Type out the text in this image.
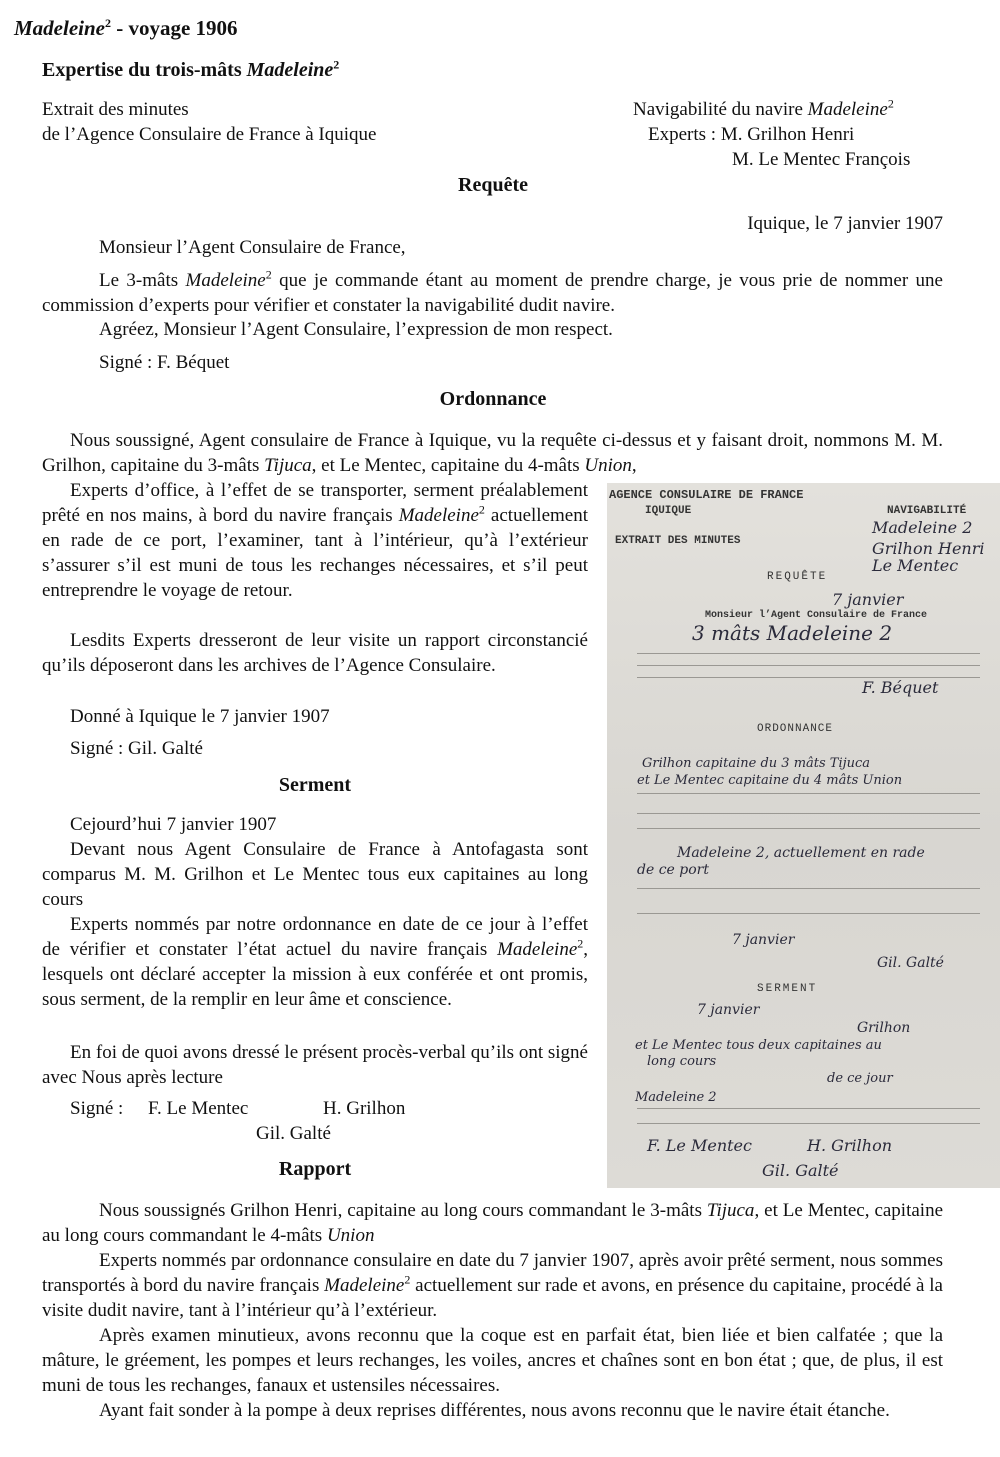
Madeleine$^2$ - voyage 1906
Expertise du trois-mâts Madeleine$^2$
Extrait des minutes
de l’Agence Consulaire de France à Iquique
Navigabilité du navire Madeleine$^2$
Experts : M. Grilhon Henri
M. Le Mentec François
Requête
Iquique, le 7 janvier 1907
Monsieur l’Agent Consulaire de France,

Le 3-mâts Madeleine$^2$ que je commande étant au moment de prendre charge, je vous prie de nommer une commission d’experts pour vérifier et constater la navigabilité dudit navire.

Agréez, Monsieur l’Agent Consulaire, l’expression de mon respect.
Signé : F. Béquet
Ordonnance

Nous soussigné, Agent consulaire de France à Iquique, vu la requête ci-dessus et y faisant droit, nommons M. M. Grilhon, capitaine du 3-mâts Tijuca, et Le Mentec, capitaine du 4-mâts Union,

Experts d’office, à l’effet de se transporter, serment préalablement prêté en nos mains, à bord du navire français Madeleine$^2$ actuellement en rade de ce port, l’examiner, tant à l’intérieur, qu’à l’extérieur s’assurer s’il est muni de tous les rechanges nécessaires, et s’il peut entreprendre le voyage de retour.

Lesdits Experts dresseront de leur visite un rapport circonstancié qu’ils déposeront dans les archives de l’Agence Consulaire.

Donné à Iquique le 7 janvier 1907
Signé : Gil. Galté
Serment
Cejourd’hui 7 janvier 1907

Devant nous Agent Consulaire de France à Antofagasta sont comparus M. M. Grilhon et Le Mentec tous eux capitaines au long cours

Experts nommés par notre ordonnance en date de ce jour à l’effet de vérifier et constater l’état actuel du navire français Madeleine$^2$, lesquels ont déclaré accepter la mission à eux conférée et ont promis, sous serment, de la remplir en leur âme et conscience.

En foi de quoi avons dressé le présent procès-verbal qu’ils ont signé avec Nous après lecture

Signé : F. Le Mentec	H. Grilhon
Gil. Galté
Rapport

Nous soussignés Grilhon Henri, capitaine au long cours commandant le 3-mâts Tijuca, et Le Mentec, capitaine au long cours commandant le 4-mâts Union

Experts nommés par ordonnance consulaire en date du 7 janvier 1907, après avoir prêté serment, nous sommes transportés à bord du navire français Madeleine$^2$ actuellement sur rade et avons, en présence du capitaine, procédé à la visite dudit navire, tant à l’intérieur qu’à l’extérieur.

Après examen minutieux, avons reconnu que la coque est en parfait état, bien liée et bien calfatée ; que la mâture, le gréement, les pompes et leurs rechanges, les voiles, ancres et chaînes sont en bon état ; que, de plus, il est muni de tous les rechanges, fanaux et ustensiles nécessaires.

Ayant fait sonder à la pompe à deux reprises différentes, nous avons reconnu que le navire était étanche.

AGENCE CONSULAIRE DE FRANCE
IQUIQUE
EXTRAIT DES MINUTES
NAVIGABILITÉ
Madeleine 2
Grilhon Henri
Le Mentec
REQUÊTE
7 janvier
Monsieur l’Agent Consulaire de France
3 mâts Madeleine 2
F. Béquet
ORDONNANCE
Grilhon capitaine du 3 mâts Tijuca
et Le Mentec capitaine du 4 mâts Union
Madeleine 2, actuellement en rade
de ce port
7 janvier
Gil. Galté
SERMENT
7 janvier
Grilhon
et Le Mentec tous deux capitaines au
long cours
de ce jour
Madeleine 2
F. Le Mentec	H. Grilhon
Gil. Galté
